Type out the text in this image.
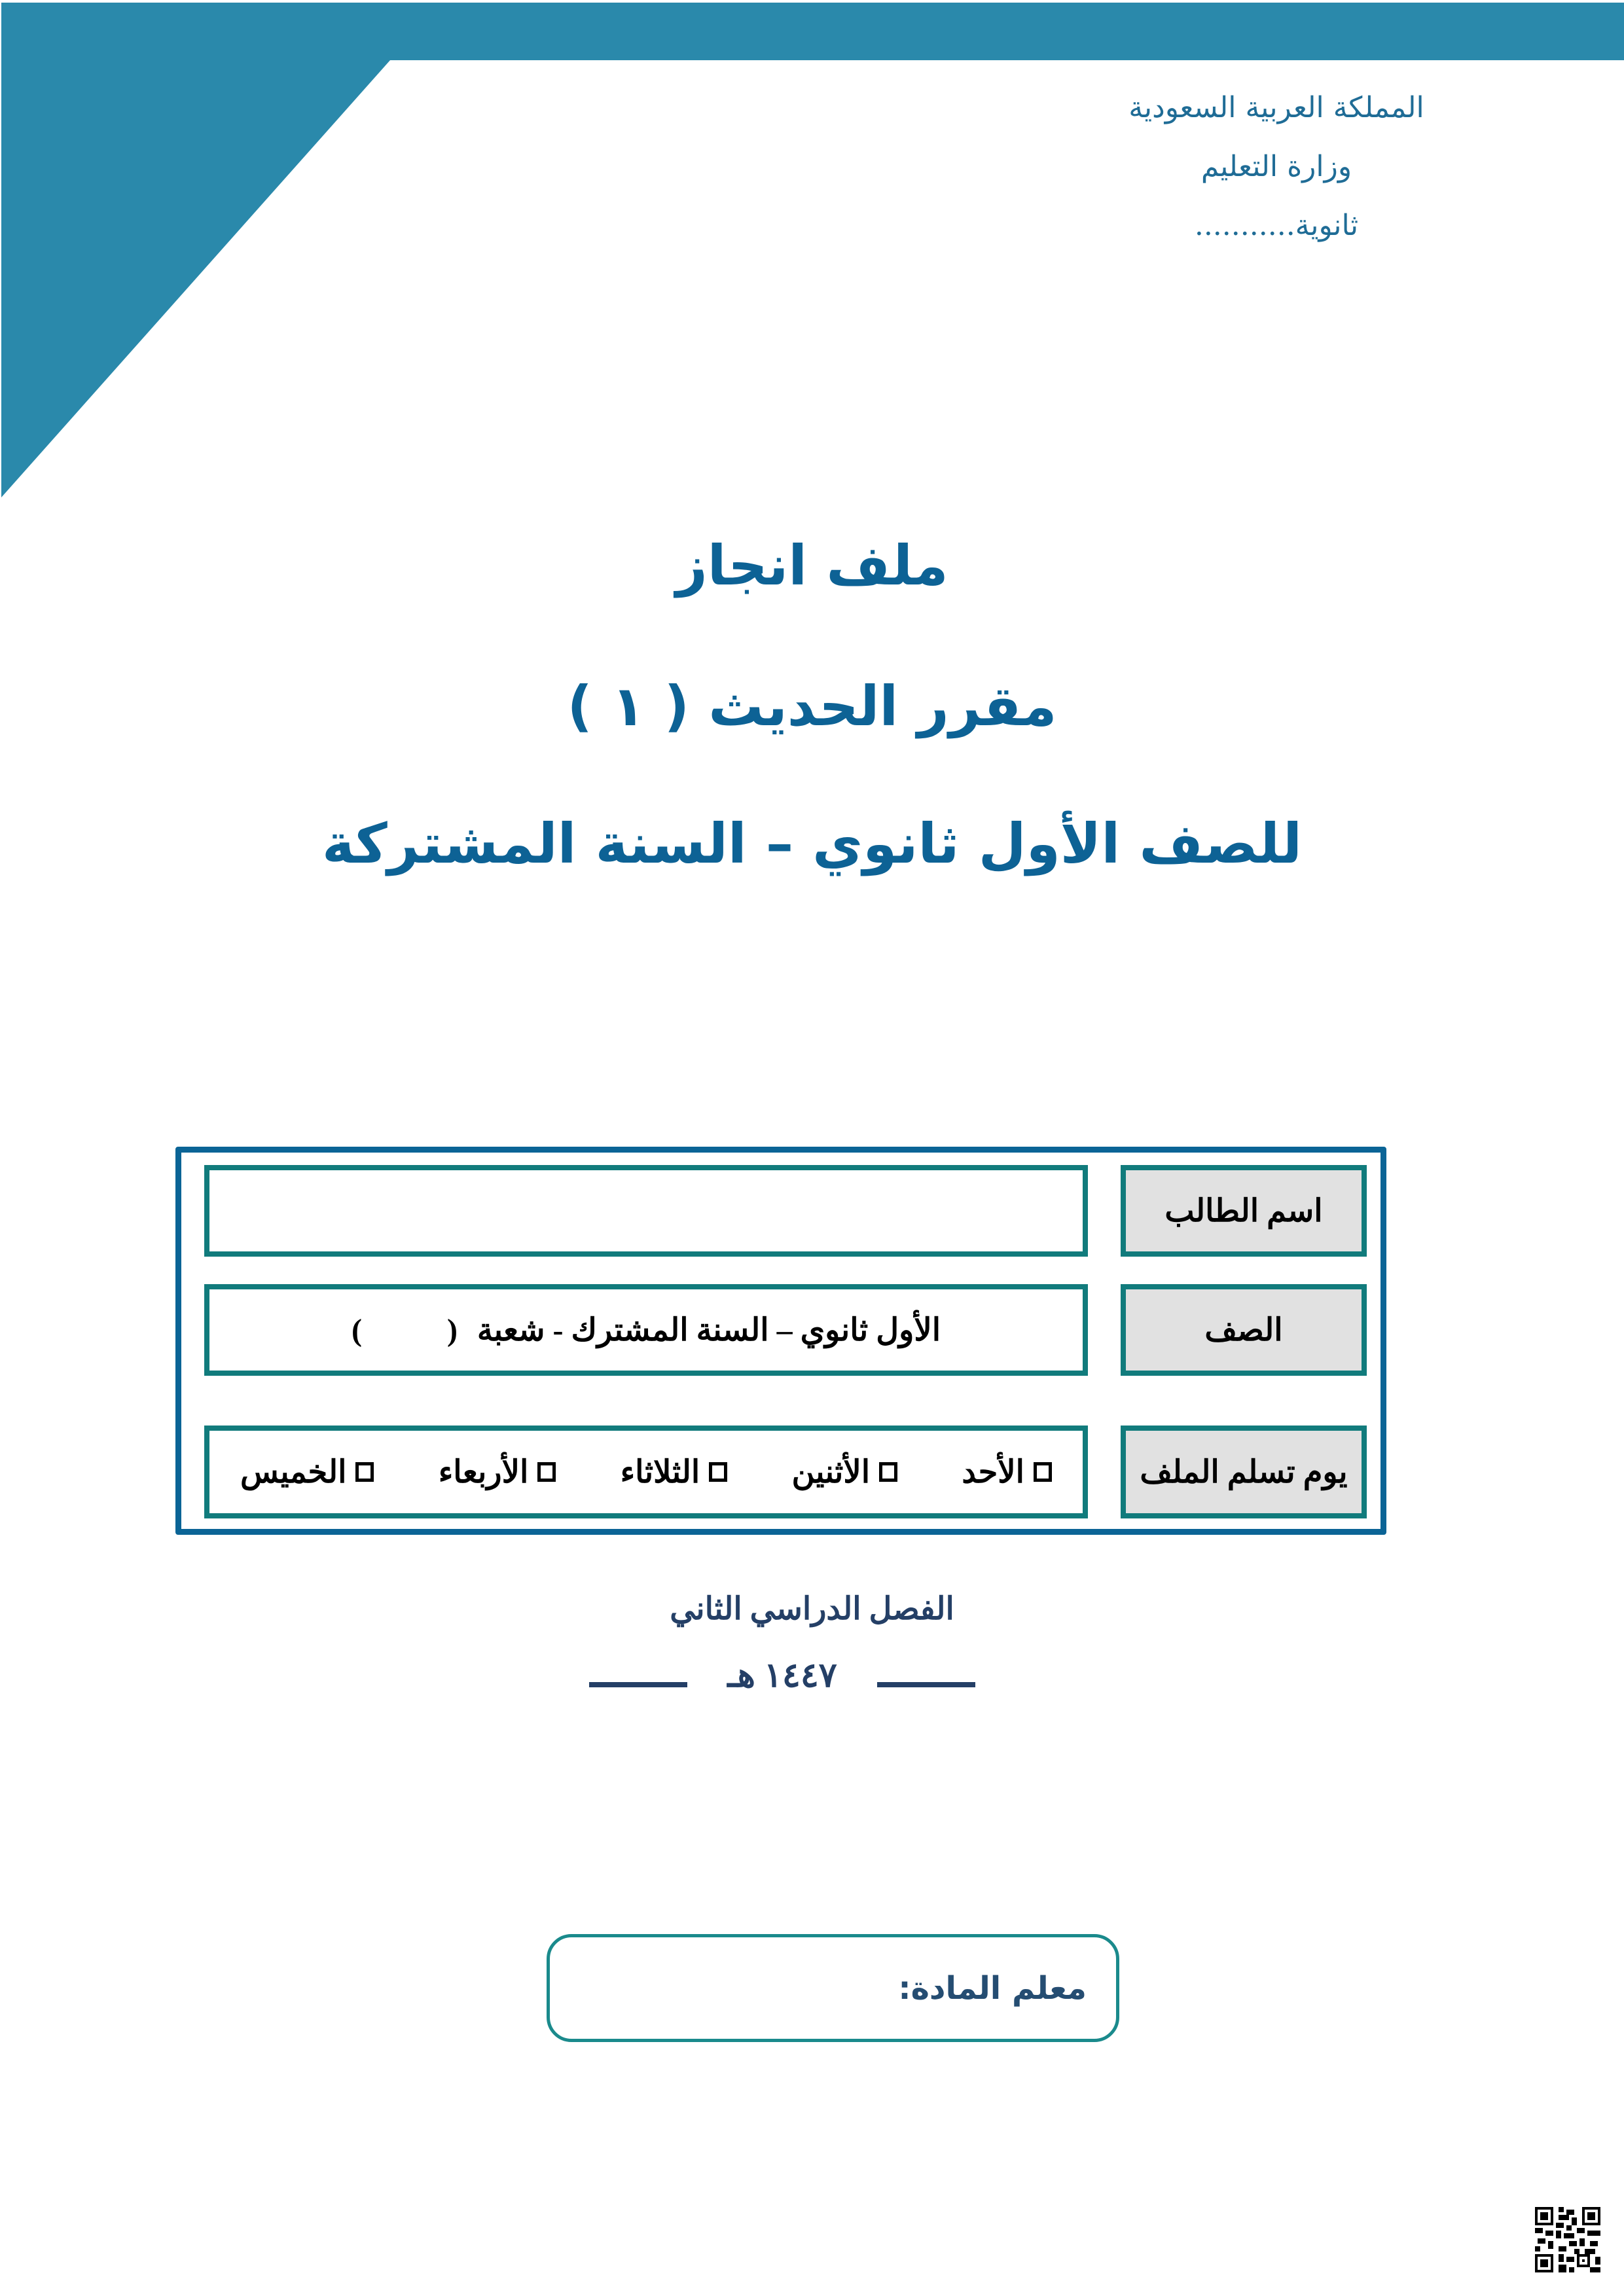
المملكة العربية السعودية
وزارة التعليم
ثانوية...........
ملف انجاز
مقرر الحديث ( ١ )
للصف الأول ثانوي – السنة المشتركة
اسم الطالب
الصف
الأول ثانوي – السنة المشترك - شعبة
(
)
يوم تسلم الملف
الأحد
الأثنين
الثلاثاء
الأربعاء
الخميس
الفصل الدراسي الثاني
١٤٤٧ هـ
معلم المادة:
